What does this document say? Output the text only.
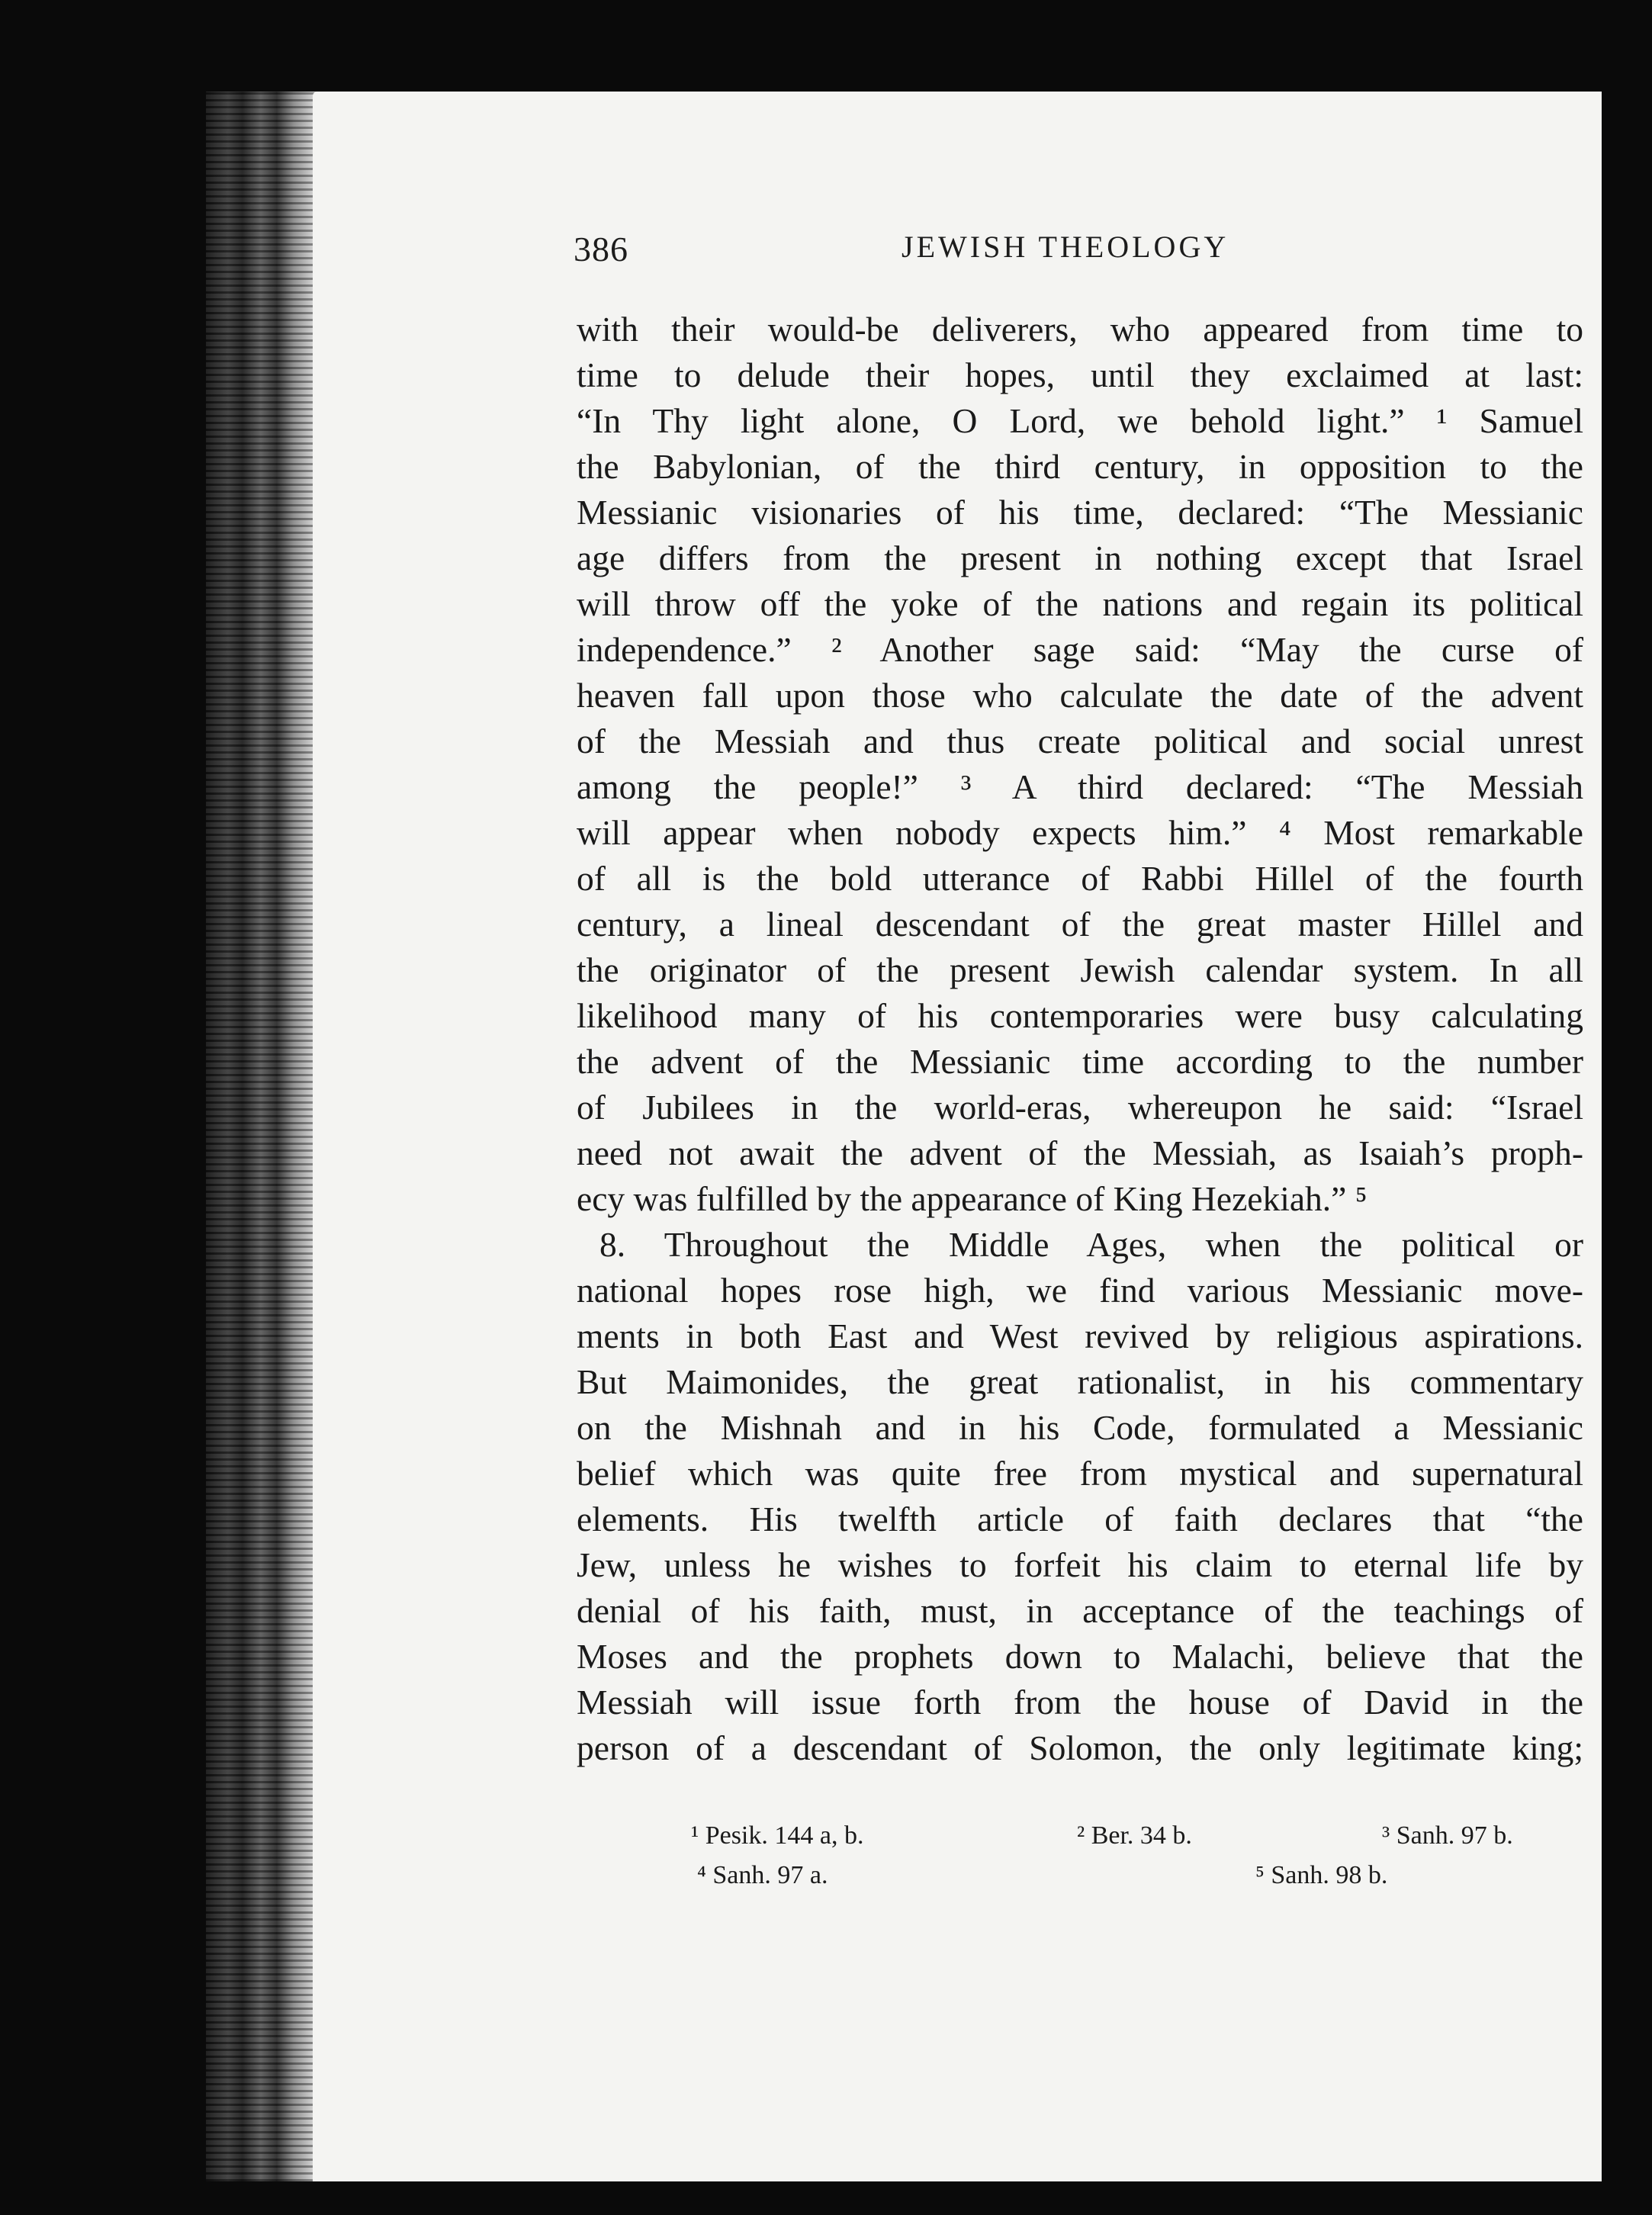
386	JEWISH THEOLOGY
with their would-be deliverers, who appeared from time to
time to delude their hopes, until they exclaimed at last:
“In Thy light alone, O Lord, we behold light.” ¹ Samuel
the Babylonian, of the third century, in opposition to the
Messianic visionaries of his time, declared: “The Messianic
age differs from the present in nothing except that Israel
will throw off the yoke of the nations and regain its political
independence.” ² Another sage said: “May the curse of
heaven fall upon those who calculate the date of the advent
of the Messiah and thus create political and social unrest
among the people!” ³ A third declared: “The Messiah
will appear when nobody expects him.” ⁴ Most remarkable
of all is the bold utterance of Rabbi Hillel of the fourth
century, a lineal descendant of the great master Hillel and
the originator of the present Jewish calendar system. In all
likelihood many of his contemporaries were busy calculating
the advent of the Messianic time according to the number
of Jubilees in the world-eras, whereupon he said: “Israel
need not await the advent of the Messiah, as Isaiah’s proph-
ecy was fulfilled by the appearance of King Hezekiah.” ⁵
8. Throughout the Middle Ages, when the political or
national hopes rose high, we find various Messianic move-
ments in both East and West revived by religious aspirations.
But Maimonides, the great rationalist, in his commentary
on the Mishnah and in his Code, formulated a Messianic
belief which was quite free from mystical and supernatural
elements. His twelfth article of faith declares that “the
Jew, unless he wishes to forfeit his claim to eternal life by
denial of his faith, must, in acceptance of the teachings of
Moses and the prophets down to Malachi, believe that the
Messiah will issue forth from the house of David in the
person of a descendant of Solomon, the only legitimate king;
¹ Pesik. 144 a, b.	² Ber. 34 b.	³ Sanh. 97 b.
⁴ Sanh. 97 a.	⁵ Sanh. 98 b.
